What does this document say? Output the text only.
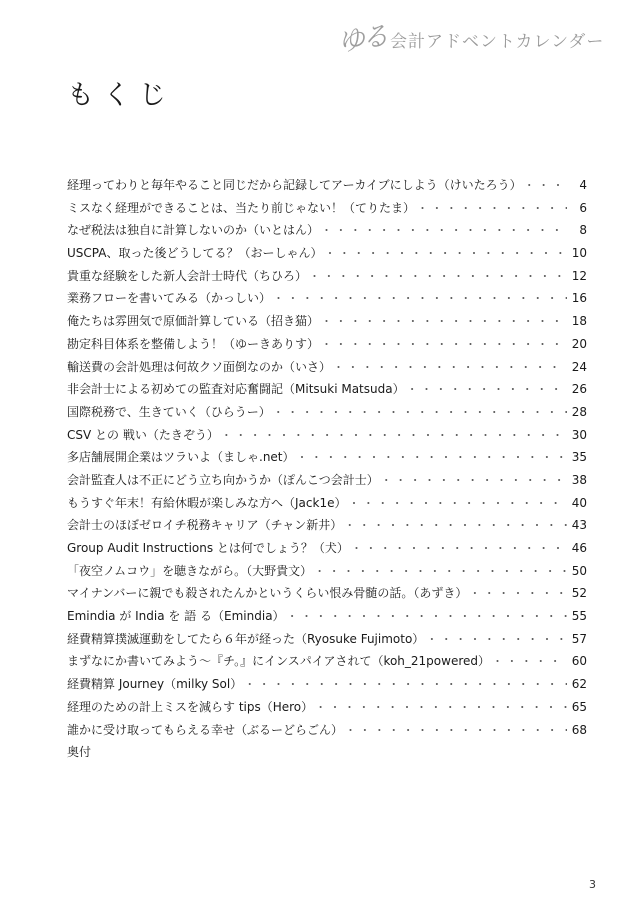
ゆる 会計アドベントカレンダー
もくじ
経理ってわりと毎年やること同じだから記録してアーカイブにしよう（けいたろう） ・・・・・・・・・・・・・・・・・・・・・・・・・・・・・・・・・・・・・・・・・・・・・・・・・・・・・・・・・・・・	4
ミスなく経理ができることは、当たり前じゃない！（てりたま） ・・・・・・・・・・・・・・・・・・・・・・・・・・・・・・・・・・・・・・・・・・・・・・・・・・・・・・・・・・・・	6
なぜ税法は独自に計算しないのか（いとはん） ・・・・・・・・・・・・・・・・・・・・・・・・・・・・・・・・・・・・・・・・・・・・・・・・・・・・・・・・・・・・	8
USCPA、取った後どうしてる？（おーしゃん） ・・・・・・・・・・・・・・・・・・・・・・・・・・・・・・・・・・・・・・・・・・・・・・・・・・・・・・・・・・・・	10
貴重な経験をした新人会計士時代（ちひろ） ・・・・・・・・・・・・・・・・・・・・・・・・・・・・・・・・・・・・・・・・・・・・・・・・・・・・・・・・・・・・	12
業務フローを書いてみる（かっしい） ・・・・・・・・・・・・・・・・・・・・・・・・・・・・・・・・・・・・・・・・・・・・・・・・・・・・・・・・・・・・	16
俺たちは雰囲気で原価計算している（招き猫） ・・・・・・・・・・・・・・・・・・・・・・・・・・・・・・・・・・・・・・・・・・・・・・・・・・・・・・・・・・・・	18
勘定科目体系を整備しよう！（ゆーきありす） ・・・・・・・・・・・・・・・・・・・・・・・・・・・・・・・・・・・・・・・・・・・・・・・・・・・・・・・・・・・・	20
輸送費の会計処理は何故クソ面倒なのか（いさ） ・・・・・・・・・・・・・・・・・・・・・・・・・・・・・・・・・・・・・・・・・・・・・・・・・・・・・・・・・・・・	24
非会計士による初めての監査対応奮闘記（Mitsuki Matsuda） ・・・・・・・・・・・・・・・・・・・・・・・・・・・・・・・・・・・・・・・・・・・・・・・・・・・・・・・・・・・・	26
国際税務で、生きていく（ひらうー） ・・・・・・・・・・・・・・・・・・・・・・・・・・・・・・・・・・・・・・・・・・・・・・・・・・・・・・・・・・・・	28
CSV との 戦い（たきぞう） ・・・・・・・・・・・・・・・・・・・・・・・・・・・・・・・・・・・・・・・・・・・・・・・・・・・・・・・・・・・・	30
多店舗展開企業はツラいよ（ましゃ.net） ・・・・・・・・・・・・・・・・・・・・・・・・・・・・・・・・・・・・・・・・・・・・・・・・・・・・・・・・・・・・	35
会計監査人は不正にどう立ち向かうか（ぽんこつ会計士） ・・・・・・・・・・・・・・・・・・・・・・・・・・・・・・・・・・・・・・・・・・・・・・・・・・・・・・・・・・・・	38
もうすぐ年末！有給休暇が楽しみな方へ（Jack1e） ・・・・・・・・・・・・・・・・・・・・・・・・・・・・・・・・・・・・・・・・・・・・・・・・・・・・・・・・・・・・	40
会計士のほぼゼロイチ税務キャリア（チャン新井） ・・・・・・・・・・・・・・・・・・・・・・・・・・・・・・・・・・・・・・・・・・・・・・・・・・・・・・・・・・・・	43
Group Audit Instructions とは何でしょう？（犬） ・・・・・・・・・・・・・・・・・・・・・・・・・・・・・・・・・・・・・・・・・・・・・・・・・・・・・・・・・・・・	46
「夜空ノムコウ」を聴きながら。（大野貴文） ・・・・・・・・・・・・・・・・・・・・・・・・・・・・・・・・・・・・・・・・・・・・・・・・・・・・・・・・・・・・	50
マイナンバーに親でも殺されたんかというくらい恨み骨髄の話。（あずき） ・・・・・・・・・・・・・・・・・・・・・・・・・・・・・・・・・・・・・・・・・・・・・・・・・・・・・・・・・・・・	52
Emindia が India を 語 る（Emindia） ・・・・・・・・・・・・・・・・・・・・・・・・・・・・・・・・・・・・・・・・・・・・・・・・・・・・・・・・・・・・	55
経費精算撲滅運動をしてたら６年が経った（Ryosuke Fujimoto） ・・・・・・・・・・・・・・・・・・・・・・・・・・・・・・・・・・・・・・・・・・・・・・・・・・・・・・・・・・・・	57
まずなにか書いてみよう～『チ。』にインスパイアされて（koh_21powered） ・・・・・・・・・・・・・・・・・・・・・・・・・・・・・・・・・・・・・・・・・・・・・・・・・・・・・・・・・・・・	60
経費精算 Journey（milky Sol） ・・・・・・・・・・・・・・・・・・・・・・・・・・・・・・・・・・・・・・・・・・・・・・・・・・・・・・・・・・・・	62
経理のための計上ミスを減らす tips（Hero） ・・・・・・・・・・・・・・・・・・・・・・・・・・・・・・・・・・・・・・・・・・・・・・・・・・・・・・・・・・・・	65
誰かに受け取ってもらえる幸せ（ぶるーどらごん） ・・・・・・・・・・・・・・・・・・・・・・・・・・・・・・・・・・・・・・・・・・・・・・・・・・・・・・・・・・・・	68
奥付
3
